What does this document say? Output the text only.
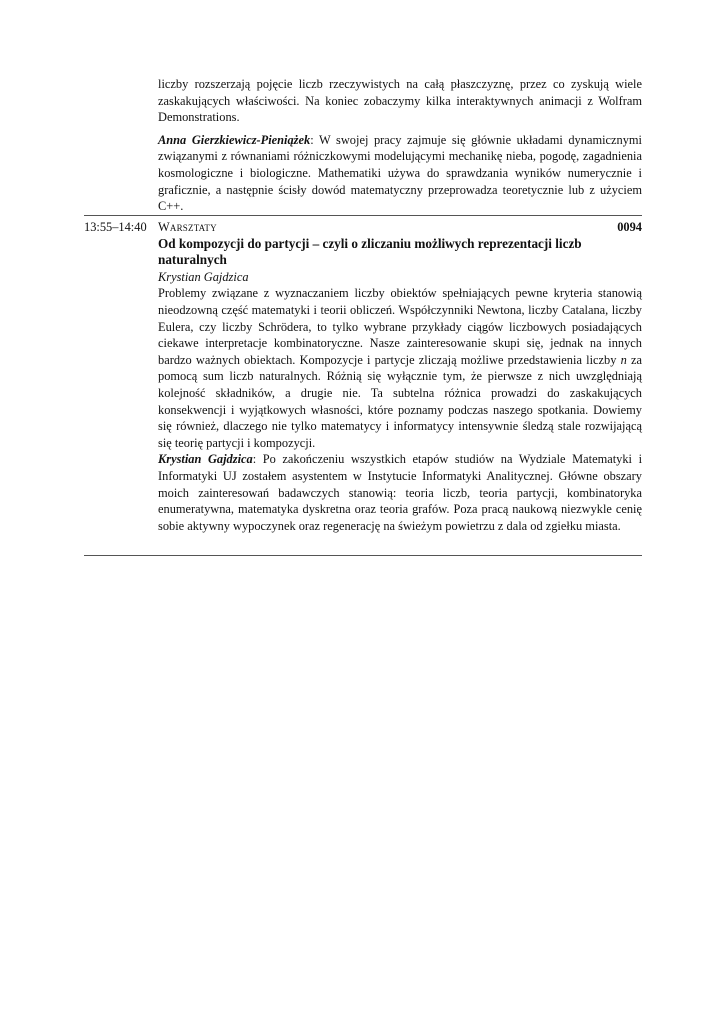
liczby rozszerzają pojęcie liczb rzeczywistych na całą płaszczyznę, przez co zyskują wiele zaskakujących właściwości. Na koniec zobaczymy kilka interaktywnych animacji z Wolfram Demonstrations.

Anna Gierzkiewicz-Pieniążek: W swojej pracy zajmuje się głównie układami dynamicznymi związanymi z równaniami różniczkowymi modelującymi mechanikę nieba, pogodę, zagadnienia kosmologiczne i biologiczne. Mathematiki używa do sprawdzania wyników numerycznie i graficznie, a następnie ścisły dowód matematyczny przeprowadza teoretycznie lub z użyciem C++.

13:55–14:40 Warsztaty	0094

Od kompozycji do partycji – czyli o zliczaniu możliwych reprezentacji liczb naturalnych

Krystian Gajdzica

Problemy związane z wyznaczaniem liczby obiektów spełniających pewne kryteria stanowią nieodzowną część matematyki i teorii obliczeń. Współczynniki Newtona, liczby Catalana, liczby Eulera, czy liczby Schrödera, to tylko wybrane przykłady ciągów liczbowych posiadających ciekawe interpretacje kombinatoryczne. Nasze zainteresowanie skupi się, jednak na innych bardzo ważnych obiektach. Kompozycje i partycje zliczają możliwe przedstawienia liczby n za pomocą sum liczb naturalnych. Różnią się wyłącznie tym, że pierwsze z nich uwzględniają kolejność składników, a drugie nie. Ta subtelna różnica prowadzi do zaskakujących konsekwencji i wyjątkowych własności, które poznamy podczas naszego spotkania. Dowiemy się również, dlaczego nie tylko matematycy i informatycy intensywnie śledzą stale rozwijającą się teorię partycji i kompozycji.

Krystian Gajdzica: Po zakończeniu wszystkich etapów studiów na Wydziale Matematyki i Informatyki UJ zostałem asystentem w Instytucie Informatyki Analitycznej. Główne obszary moich zainteresowań badawczych stanowią: teoria liczb, teoria partycji, kombinatoryka enumeratywna, matematyka dyskretna oraz teoria grafów. Poza pracą naukową niezwykle cenię sobie aktywny wypoczynek oraz regenerację na świeżym powietrzu z dala od zgiełku miasta.
